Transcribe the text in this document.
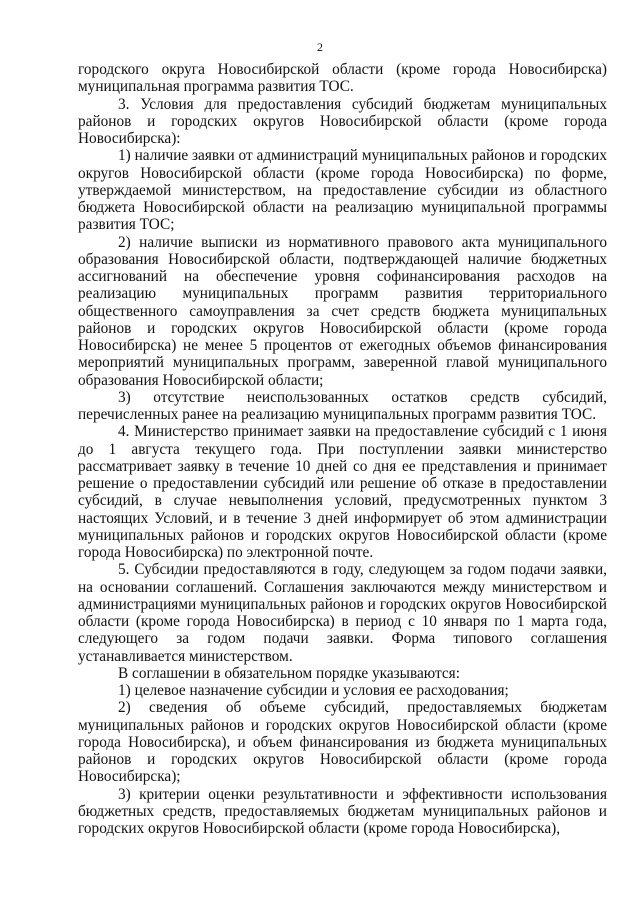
2

городского округа Новосибирской области (кроме города Новосибирска) муниципальная программа развития ТОС.

3. Условия для предоставления субсидий бюджетам муниципальных районов и городских округов Новосибирской области (кроме города Новосибирска):

1) наличие заявки от администраций муниципальных районов и городских округов Новосибирской области (кроме города Новосибирска) по форме, утверждаемой министерством, на предоставление субсидии из областного бюджета Новосибирской области на реализацию муниципальной программы развития ТОС;

2) наличие выписки из нормативного правового акта муниципального образования Новосибирской области, подтверждающей наличие бюджетных ассигнований на обеспечение уровня софинансирования расходов на реализацию муниципальных программ развития территориального общественного самоуправления за счет средств бюджета муниципальных районов и городских округов Новосибирской области (кроме города Новосибирска) не менее 5 процентов от ежегодных объемов финансирования мероприятий муниципальных программ, заверенной главой муниципального образования Новосибирской области;

3) отсутствие неиспользованных остатков средств субсидий, перечисленных ранее на реализацию муниципальных программ развития ТОС.

4. Министерство принимает заявки на предоставление субсидий с 1 июня до 1 августа текущего года. При поступлении заявки министерство рассматривает заявку в течение 10 дней со дня ее представления и принимает решение о предоставлении субсидий или решение об отказе в предоставлении субсидий, в случае невыполнения условий, предусмотренных пунктом 3 настоящих Условий, и в течение 3 дней информирует об этом администрации муниципальных районов и городских округов Новосибирской области (кроме города Новосибирска) по электронной почте.

5. Субсидии предоставляются в году, следующем за годом подачи заявки, на основании соглашений. Соглашения заключаются между министерством и администрациями муниципальных районов и городских округов Новосибирской области (кроме города Новосибирска) в период с 10 января по 1 марта года, следующего за годом подачи заявки. Форма типового соглашения устанавливается министерством.

В соглашении в обязательном порядке указываются:

1) целевое назначение субсидии и условия ее расходования;

2) сведения об объеме субсидий, предоставляемых бюджетам муниципальных районов и городских округов Новосибирской области (кроме города Новосибирска), и объем финансирования из бюджета муниципальных районов и городских округов Новосибирской области (кроме города Новосибирска);

3) критерии оценки результативности и эффективности использования бюджетных средств, предоставляемых бюджетам муниципальных районов и городских округов Новосибирской области (кроме города Новосибирска),
